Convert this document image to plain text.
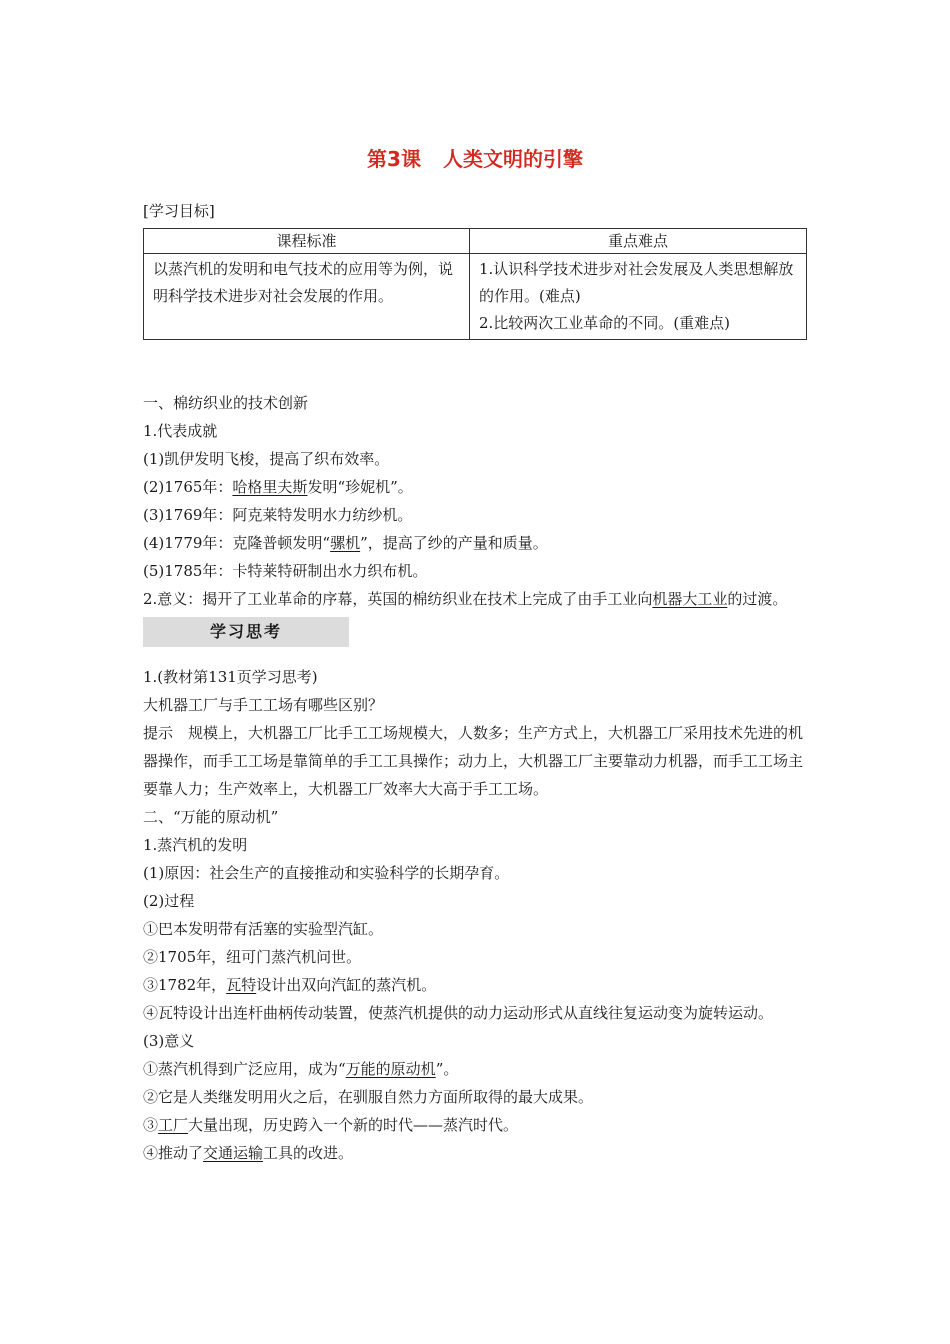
第3课 人类文明的引擎
[学习目标]
课程标准	重点难点
以蒸汽机的发明和电气技术的应用等为例，说明科学技术进步对社会发展的作用。	1.认识科学技术进步对社会发展及人类思想解放的作用。(难点)
2.比较两次工业革命的不同。(重难点)

一、棉纺织业的技术创新

1.代表成就

(1)凯伊发明飞梭，提高了织布效率。

(2)1765年：哈格里夫斯发明“珍妮机”。

(3)1769年：阿克莱特发明水力纺纱机。

(4)1779年：克隆普顿发明“骡机”，提高了纱的产量和质量。

(5)1785年：卡特莱特研制出水力织布机。

2.意义：揭开了工业革命的序幕，英国的棉纺织业在技术上完成了由手工业向机器大工业的过渡。

学习思考

1.(教材第131页学习思考)

大机器工厂与手工工场有哪些区别？

提示　规模上，大机器工厂比手工工场规模大，人数多；生产方式上，大机器工厂采用技术先进的机器操作，而手工工场是靠简单的手工工具操作；动力上，大机器工厂主要靠动力机器，而手工工场主要靠人力；生产效率上，大机器工厂效率大大高于手工工场。

二、“万能的原动机”

1.蒸汽机的发明

(1)原因：社会生产的直接推动和实验科学的长期孕育。

(2)过程

①巴本发明带有活塞的实验型汽缸。

②1705年，纽可门蒸汽机问世。

③1782年，瓦特设计出双向汽缸的蒸汽机。

④瓦特设计出连杆曲柄传动装置，使蒸汽机提供的动力运动形式从直线往复运动变为旋转运动。

(3)意义

①蒸汽机得到广泛应用，成为“万能的原动机”。

②它是人类继发明用火之后，在驯服自然力方面所取得的最大成果。

③工厂大量出现，历史跨入一个新的时代——蒸汽时代。

④推动了交通运输工具的改进。
